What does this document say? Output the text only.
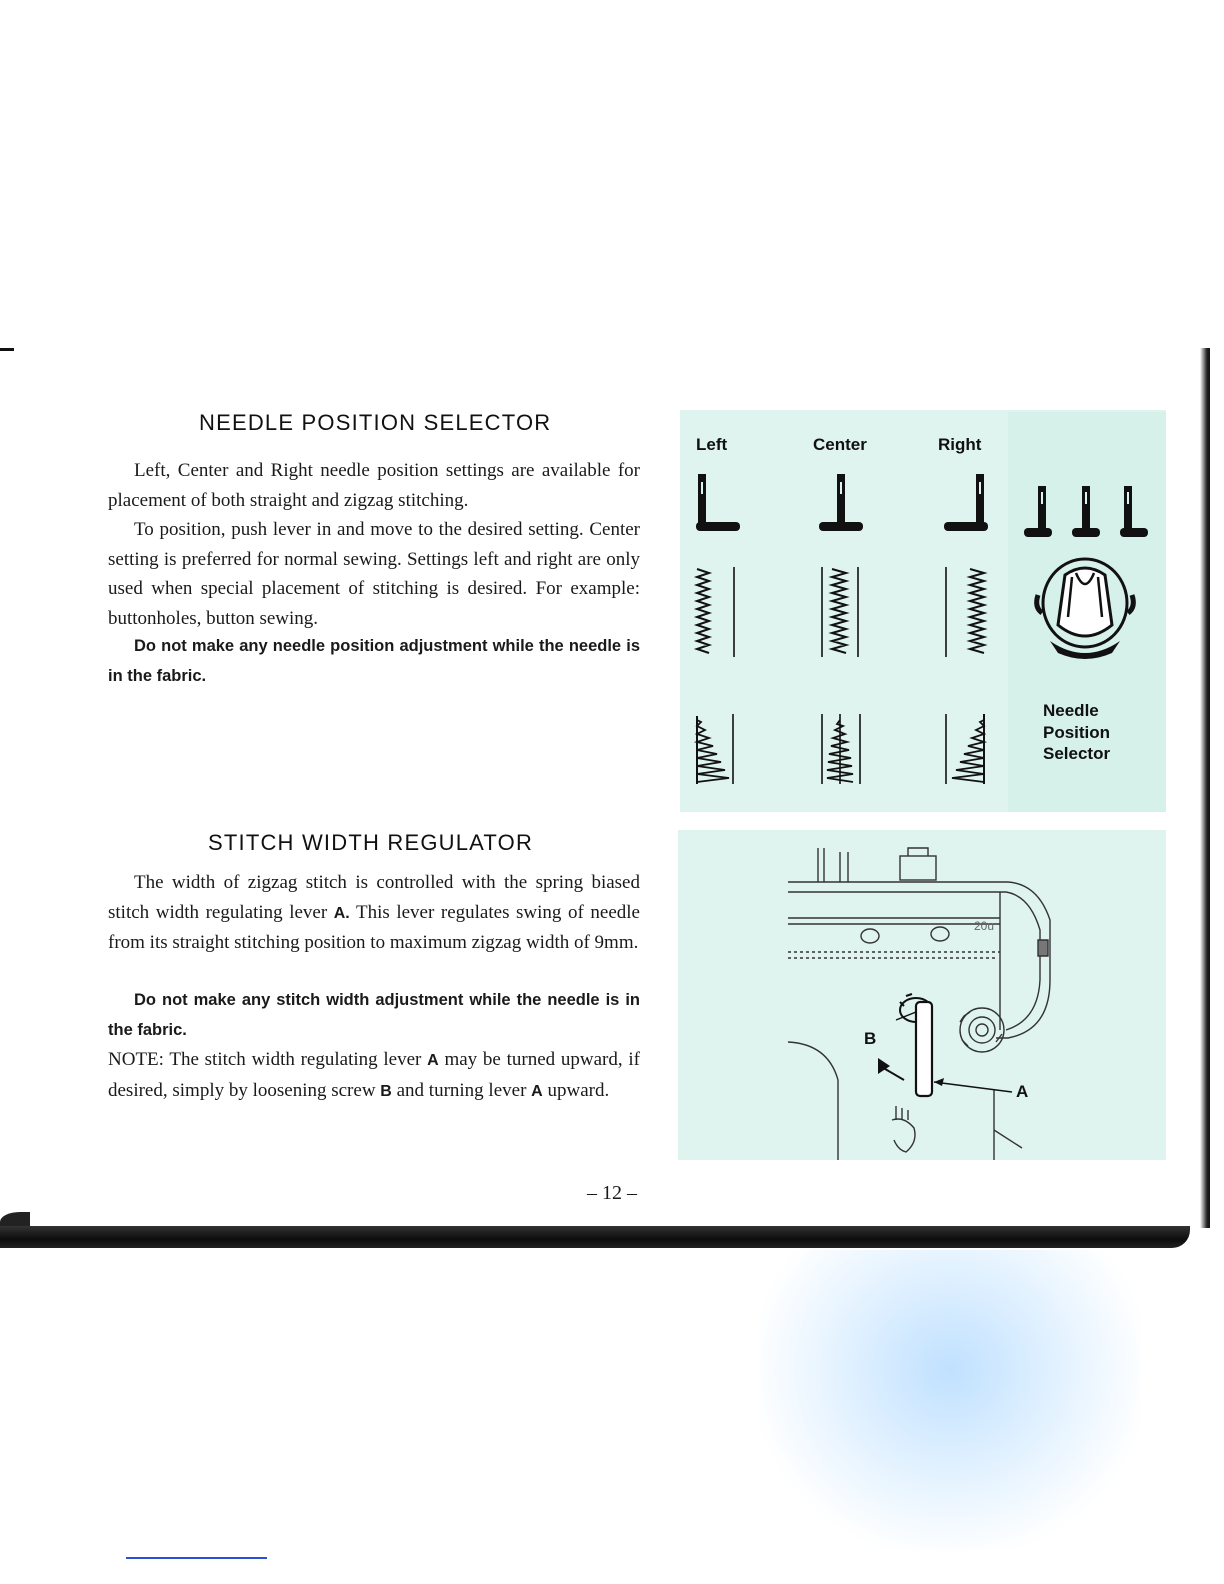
NEEDLE POSITION SELECTOR

Left, Center and Right needle position settings are available for placement of both straight and zigzag stitching.

To position, push lever in and move to the desired setting. Center setting is preferred for normal sewing. Settings left and right are only used when special placement of stitching is desired. For example: buttonholes, button sewing.

Do not make any needle position adjustment while the needle is in the fabric.

STITCH WIDTH REGULATOR

The width of zigzag stitch is controlled with the spring biased stitch width regulating lever A. This lever regulates swing of needle from its straight stitching position to maximum zigzag width of 9mm.

Do not make any stitch width adjustment while the needle is in the fabric.

NOTE: The stitch width regulating lever A may be turned upward, if desired, simply by loosening screw B and turning lever A upward.

Left	Center	Right
Needle Position Selector
B
A
20u
– 12 –
